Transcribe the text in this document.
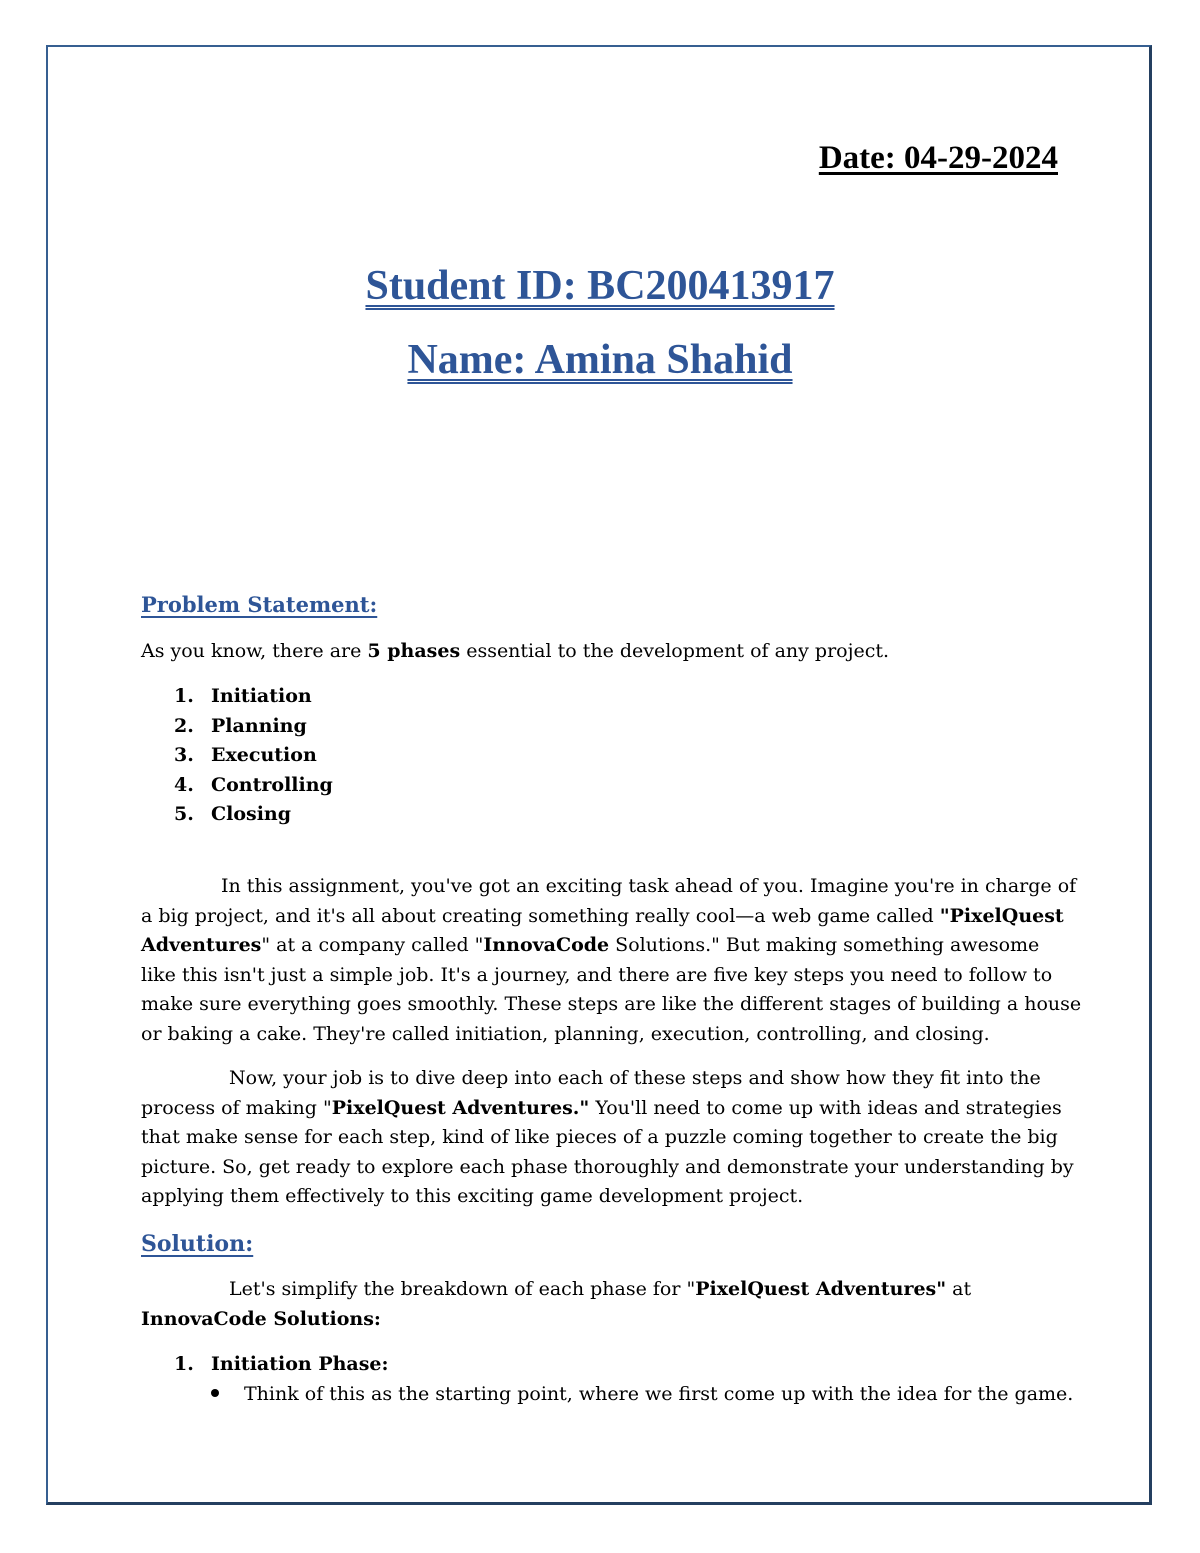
Date: 04-29-2024
Student ID: BC200413917
Name: Amina Shahid
Problem Statement:
As you know, there are 5 phases essential to the development of any project.
1. Initiation
2. Planning
3. Execution
4. Controlling
5. Closing
In this assignment, you've got an exciting task ahead of you. Imagine you're in charge of
a big project, and it's all about creating something really cool—a web game called "PixelQuest
Adventures" at a company called "InnovaCode Solutions." But making something awesome
like this isn't just a simple job. It's a journey, and there are five key steps you need to follow to
make sure everything goes smoothly. These steps are like the different stages of building a house
or baking a cake. They're called initiation, planning, execution, controlling, and closing.
Now, your job is to dive deep into each of these steps and show how they fit into the
process of making "PixelQuest Adventures." You'll need to come up with ideas and strategies
that make sense for each step, kind of like pieces of a puzzle coming together to create the big
picture. So, get ready to explore each phase thoroughly and demonstrate your understanding by
applying them effectively to this exciting game development project.
Solution:
Let's simplify the breakdown of each phase for "PixelQuest Adventures" at
InnovaCode Solutions:
1. Initiation Phase:
Think of this as the starting point, where we first come up with the idea for the game.
